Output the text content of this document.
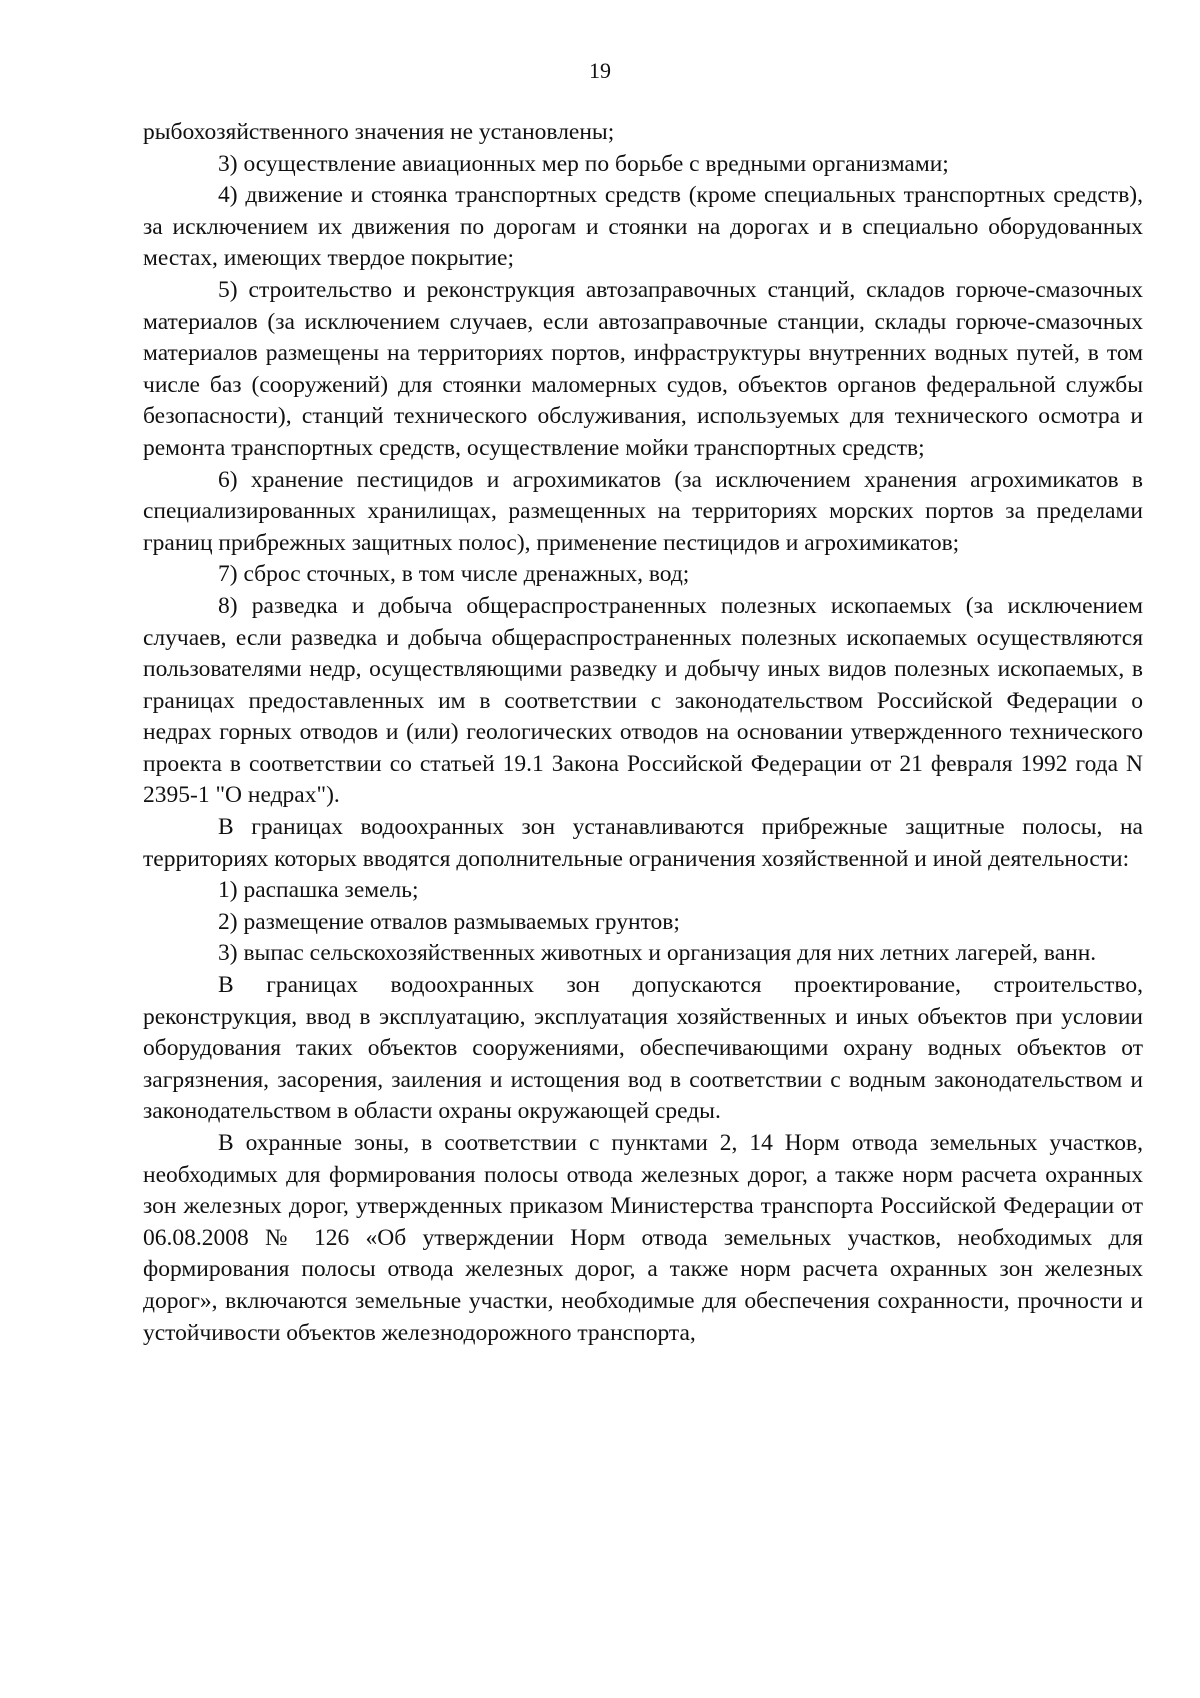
19

рыбохозяйственного значения не установлены;

3) осуществление авиационных мер по борьбе с вредными организмами;

4) движение и стоянка транспортных средств (кроме специальных транспортных средств), за исключением их движения по дорогам и стоянки на дорогах и в специально оборудованных местах, имеющих твердое покрытие;

5) строительство и реконструкция автозаправочных станций, складов горюче-смазочных материалов (за исключением случаев, если автозаправочные станции, склады горюче-смазочных материалов размещены на территориях портов, инфраструктуры внутренних водных путей, в том числе баз (сооружений) для стоянки маломерных судов, объектов органов федеральной службы безопасности), станций технического обслуживания, используемых для технического осмотра и ремонта транспортных средств, осуществление мойки транспортных средств;

6) хранение пестицидов и агрохимикатов (за исключением хранения агрохимикатов в специализированных хранилищах, размещенных на территориях морских портов за пределами границ прибрежных защитных полос), применение пестицидов и агрохимикатов;

7) сброс сточных, в том числе дренажных, вод;

8) разведка и добыча общераспространенных полезных ископаемых (за исключением случаев, если разведка и добыча общераспространенных полезных ископаемых осуществляются пользователями недр, осуществляющими разведку и добычу иных видов полезных ископаемых, в границах предоставленных им в соответствии с законодательством Российской Федерации о недрах горных отводов и (или) геологических отводов на основании утвержденного технического проекта в соответствии со статьей 19.1 Закона Российской Федерации от 21 февраля 1992 года N 2395-1 "О недрах").

В границах водоохранных зон устанавливаются прибрежные защитные полосы, на территориях которых вводятся дополнительные ограничения хозяйственной и иной деятельности:

1) распашка земель;

2) размещение отвалов размываемых грунтов;

3) выпас сельскохозяйственных животных и организация для них летних лагерей, ванн.

В границах водоохранных зон допускаются проектирование, строительство, реконструкция, ввод в эксплуатацию, эксплуатация хозяйственных и иных объектов при условии оборудования таких объектов сооружениями, обеспечивающими охрану водных объектов от загрязнения, засорения, заиления и истощения вод в соответствии с водным законодательством и законодательством в области охраны окружающей среды.

В охранные зоны, в соответствии с пунктами 2, 14 Норм отвода земельных участков, необходимых для формирования полосы отвода железных дорог, а также норм расчета охранных зон железных дорог, утвержденных приказом Министерства транспорта Российской Федерации от 06.08.2008 № 126 «Об утверждении Норм отвода земельных участков, необходимых для формирования полосы отвода железных дорог, а также норм расчета охранных зон железных дорог», включаются земельные участки, необходимые для обеспечения сохранности, прочности и устойчивости объектов железнодорожного транспорта,
